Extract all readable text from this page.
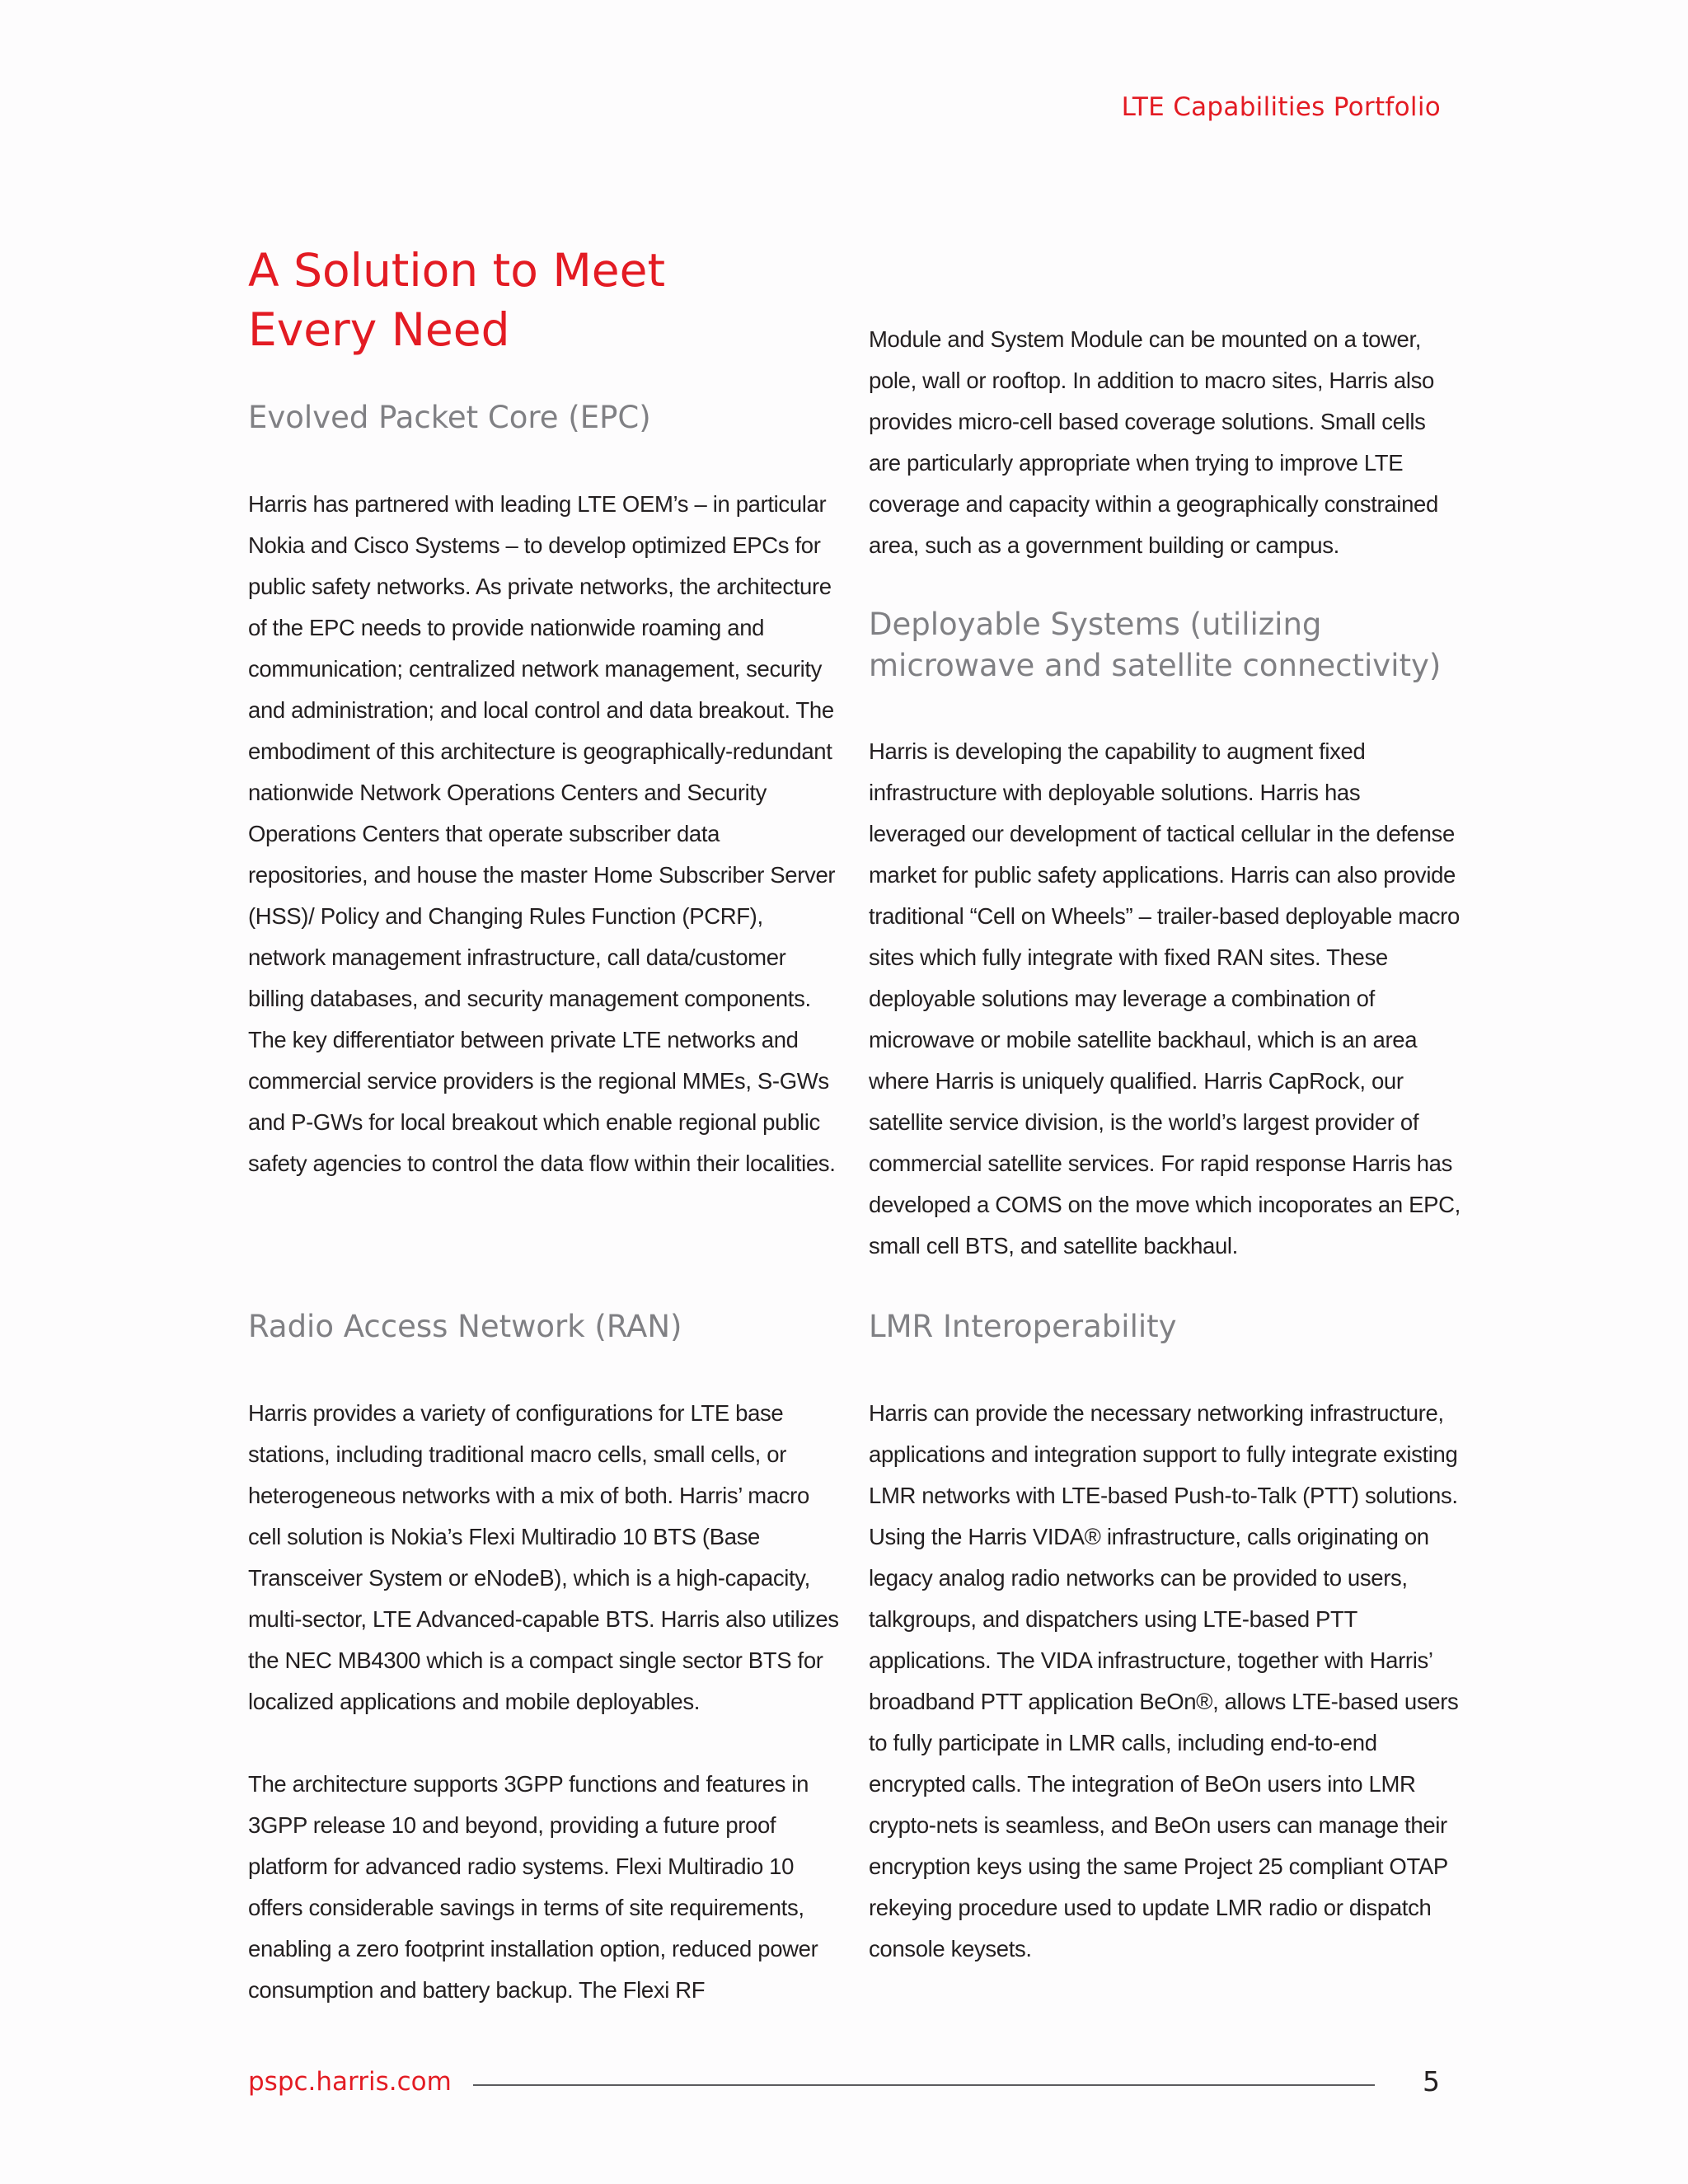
LTE Capabilities Portfolio
A Solution to Meet
Every Need
Evolved Packet Core (EPC)

Harris has partnered with leading LTE OEM’s – in particular Nokia and Cisco Systems – to develop optimized EPCs for public safety networks. As private networks, the architecture of the EPC needs to provide nationwide roaming and communication; centralized network management, security and administration; and local control and data breakout. The embodiment of this architecture is geographically-redundant nationwide Network Operations Centers and Security Operations Centers that operate subscriber data repositories, and house the master Home Subscriber Server (HSS)/ Policy and Changing Rules Function (PCRF), network management infrastructure, call data/customer billing databases, and security management components. The key differentiator between private LTE networks and commercial service providers is the regional MMEs, S-GWs and P-GWs for local breakout which enable regional public safety agencies to control the data flow within their localities.

Radio Access Network (RAN)

Harris provides a variety of configurations for LTE base stations, including traditional macro cells, small cells, or heterogeneous networks with a mix of both. Harris’ macro cell solution is Nokia’s Flexi Multiradio 10 BTS (Base Transceiver System or eNodeB), which is a high-capacity, multi-sector, LTE Advanced-capable BTS. Harris also utilizes the NEC MB4300 which is a compact single sector BTS for localized applications and mobile deployables.

The architecture supports 3GPP functions and features in 3GPP release 10 and beyond, providing a future proof platform for advanced radio systems. Flexi Multiradio 10 offers considerable savings in terms of site requirements, enabling a zero footprint installation option, reduced power consumption and battery backup. The Flexi RF

Module and System Module can be mounted on a tower, pole, wall or rooftop. In addition to macro sites, Harris also provides micro-cell based coverage solutions. Small cells are particularly appropriate when trying to improve LTE coverage and capacity within a geographically constrained area, such as a government building or campus.

Deployable Systems (utilizing microwave and satellite connectivity)

Harris is developing the capability to augment fixed infrastructure with deployable solutions. Harris has leveraged our development of tactical cellular in the defense market for public safety applications. Harris can also provide traditional “Cell on Wheels” – trailer-based deployable macro sites which fully integrate with fixed RAN sites. These deployable solutions may leverage a combination of microwave or mobile satellite backhaul, which is an area where Harris is uniquely qualified. Harris CapRock, our satellite service division, is the world’s largest provider of commercial satellite services. For rapid response Harris has developed a COMS on the move which incoporates an EPC, small cell BTS, and satellite backhaul.

LMR Interoperability

Harris can provide the necessary networking infrastructure, applications and integration support to fully integrate existing LMR networks with LTE-based Push-to-Talk (PTT) solutions. Using the Harris VIDA® infrastructure, calls originating on legacy analog radio networks can be provided to users, talkgroups, and dispatchers using LTE-based PTT applications. The VIDA infrastructure, together with Harris’ broadband PTT application BeOn®, allows LTE-based users to fully participate in LMR calls, including end-to-end encrypted calls. The integration of BeOn users into LMR crypto-nets is seamless, and BeOn users can manage their encryption keys using the same Project 25 compliant OTAP rekeying procedure used to update LMR radio or dispatch console keysets.

pspc.harris.com	5
